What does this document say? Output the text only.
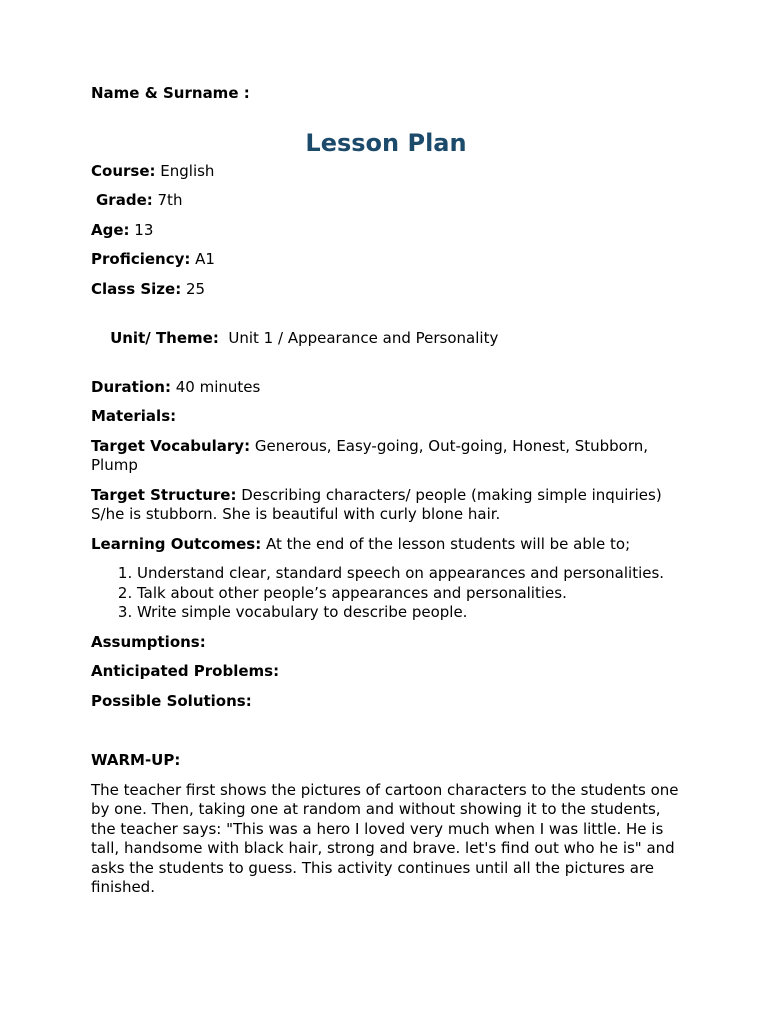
Name & Surname :

Lesson Plan

Course: English

Grade: 7th

Age: 13

Proficiency: A1

Class Size: 25

Unit/ Theme:  Unit 1 / Appearance and Personality

Duration: 40 minutes

Materials:

Target Vocabulary: Generous, Easy-going, Out-going, Honest, Stubborn, Plump

Target Structure: Describing characters/ people (making simple inquiries) S/he is stubborn. She is beautiful with curly blone hair.

Learning Outcomes: At the end of the lesson students will be able to;

1. Understand clear, standard speech on appearances and personalities.
2. Talk about other people’s appearances and personalities.
3. Write simple vocabulary to describe people.

Assumptions:

Anticipated Problems:

Possible Solutions:

WARM-UP:

The teacher first shows the pictures of cartoon characters to the students one by one. Then, taking one at random and without showing it to the students, the teacher says: "This was a hero I loved very much when I was little. He is tall, handsome with black hair, strong and brave. let's find out who he is" and asks the students to guess. This activity continues until all the pictures are finished.
